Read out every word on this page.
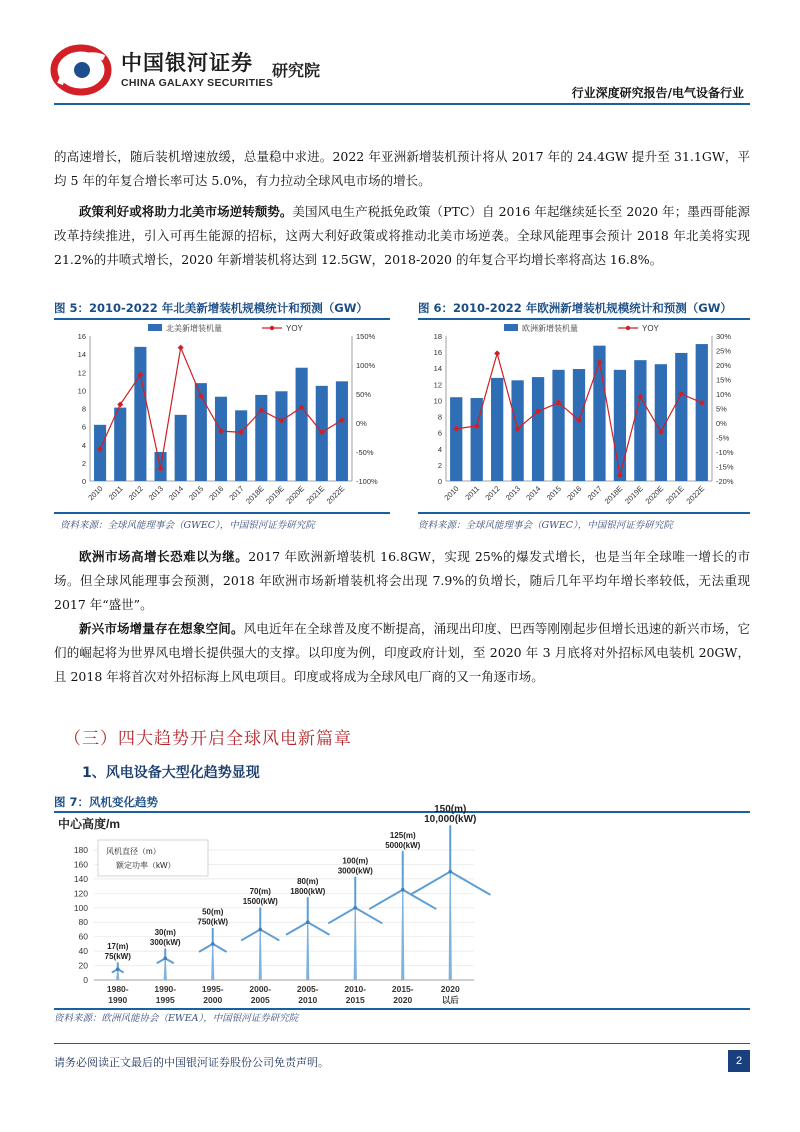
中国银河证券
CHINA GALAXY SECURITIES
研究院
行业深度研究报告/电气设备行业
的高速增长，随后装机增速放缓，总量稳中求进。2022 年亚洲新增装机预计将从 2017 年的 24.4GW 提升至 31.1GW，平均 5 年的年复合增长率可达 5.0%，有力拉动全球风电市场的增长。
政策利好或将助力北美市场逆转颓势。美国风电生产税抵免政策（PTC）自 2016 年起继续延长至 2020 年；墨西哥能源改革持续推进，引入可再生能源的招标，这两大利好政策或将推动北美市场逆袭。全球风能理事会预计 2018 年北美将实现 21.2%的井喷式增长，2020 年新增装机将达到 12.5GW，2018-2020 的年复合平均增长率将高达 16.8%。
图 5：2010-2022 年北美新增装机规模统计和预测（GW）
北美新增装机量	YOY
0
2
4
6
8
10
12
14
16
-100%
-50%
0%
50%
100%
150%
2010 2011 2012 2013 2014 2015 2016 2017
2018E
2019E
2020E
2021E
2022E
资料来源：全球风能理事会（GWEC），中国银河证券研究院
图 6：2010-2022 年欧洲新增装机规模统计和预测（GW）
欧洲新增装机量	YOY
0
2
4
6
8
10
12
14
16
18
-20%
-15%
-10%
-5%
0%
5%
10%
15%
20%
25%
30%
2010 2011 2012 2013 2014 2015 2016 2017
2018E
2019E
2020E
2021E
2022E
资料来源：全球风能理事会（GWEC），中国银河证券研究院
欧洲市场高增长恐难以为继。2017 年欧洲新增装机 16.8GW，实现 25%的爆发式增长，也是当年全球唯一增长的市场。但全球风能理事会预测，2018 年欧洲市场新增装机将会出现 7.9%的负增长，随后几年平均年增长率较低，无法重现 2017 年“盛世”。
新兴市场增量存在想象空间。风电近年在全球普及度不断提高，涌现出印度、巴西等刚刚起步但增长迅速的新兴市场，它们的崛起将为世界风电增长提供强大的支撑。以印度为例，印度政府计划，至 2020 年 3 月底将对外招标风电装机 20GW，且 2018 年将首次对外招标海上风电项目。印度或将成为全球风电厂商的又一角逐市场。
（三）四大趋势开启全球风电新篇章
1、风电设备大型化趋势显现
图 7：风机变化趋势
中心高度/m
0
20
40
60
80
100
120
140
160
180 风机直径（m）
额定功率（kW）
17(m)
75(kW)
1980-
1990
30(m)
300(kW)
1990-
1995
50(m)
750(kW)
1995-
2000
70(m)
1500(kW)
2000-
2005
80(m)
1800(kW)
2005-
2010
100(m)
3000(kW)
2010-
2015
125(m)
5000(kW)
2015-
2020
150(m)
10,000(kW)
2020
以后
资料来源：欧洲风能协会（EWEA），中国银河证券研究院
请务必阅读正文最后的中国银河证券股份公司免责声明。	2
